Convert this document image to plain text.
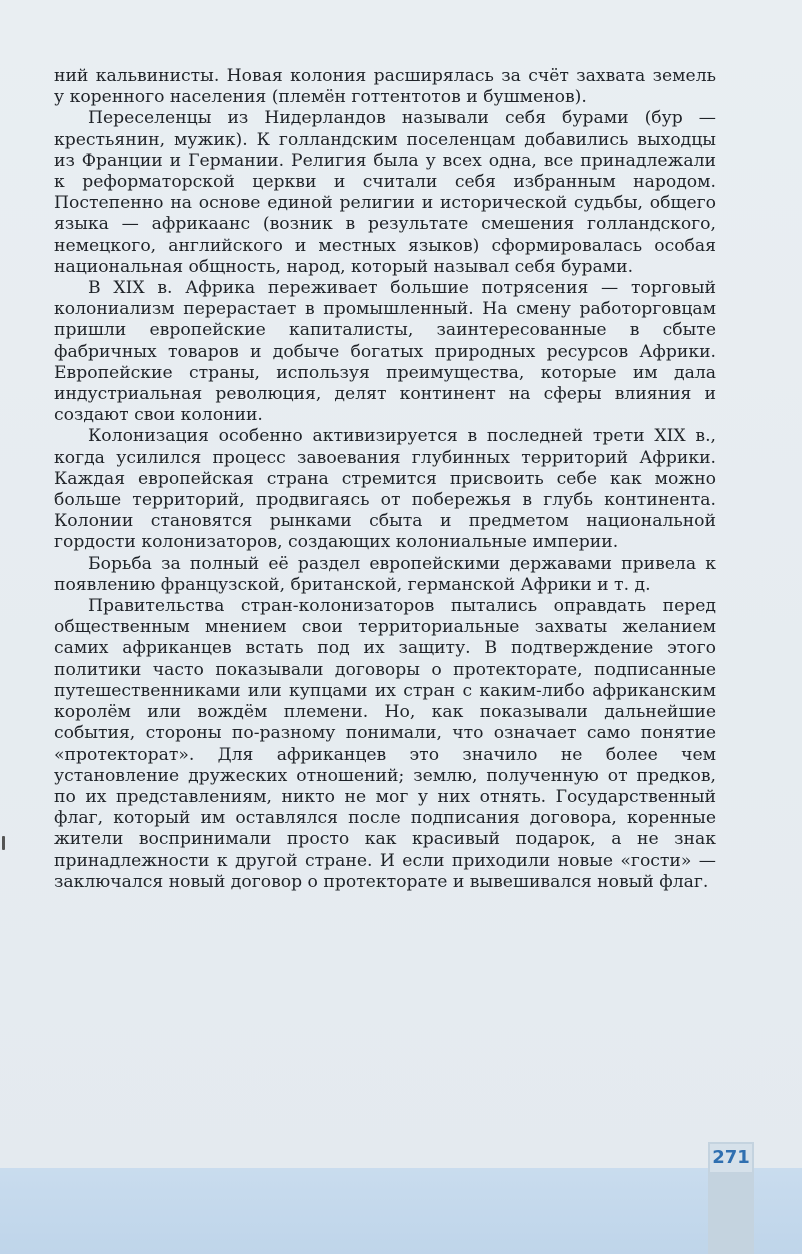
ний кальвинисты. Новая колония расширялась за счёт захвата земель у коренного населения (племён готтентотов и бушменов).

Переселенцы из Нидерландов называли себя бурами (бур — крестьянин, мужик). К голландским поселенцам добавились выходцы из Франции и Германии. Религия была у всех одна, все принадлежали к реформаторской церкви и считали себя избранным народом. Постепенно на основе единой религии и исторической судьбы, общего языка — африкаанс (возник в результате смешения голландского, немецкого, английского и местных языков) сформировалась особая национальная общность, народ, который называл себя бурами.

В XIX в. Африка переживает большие потрясения — торговый колониализм перерастает в промышленный. На смену работорговцам пришли европейские капиталисты, заинтересованные в сбыте фабричных товаров и добыче богатых природных ресурсов Африки. Европейские страны, используя преимущества, которые им дала индустриальная революция, делят континент на сферы влияния и создают свои колонии.

Колонизация особенно активизируется в последней трети XIX в., когда усилился процесс завоевания глубинных территорий Африки. Каждая европейская страна стремится присвоить себе как можно больше территорий, продвигаясь от побережья в глубь континента. Колонии становятся рынками сбыта и предметом национальной гордости колонизаторов, создающих колониальные империи.

Борьба за полный её раздел европейскими державами привела к появлению французской, британской, германской Африки и т. д.

Правительства стран-колонизаторов пытались оправдать перед общественным мнением свои территориальные захваты желанием самих африканцев встать под их защиту. В подтверждение этого политики часто показывали договоры о протекторате, подписанные путешественниками или купцами их стран с каким-либо африканским королём или вождём племени. Но, как показывали дальнейшие события, стороны по-разному понимали, что означает само понятие «протекторат». Для африканцев это значило не более чем установление дружеских отношений; землю, полученную от предков, по их представлениям, никто не мог у них отнять. Государственный флаг, который им оставлялся после подписания договора, коренные жители воспринимали просто как красивый подарок, а не знак принадлежности к другой стране. И если приходили новые «гости» — заключался новый договор о протекторате и вывешивался новый флаг.

271
